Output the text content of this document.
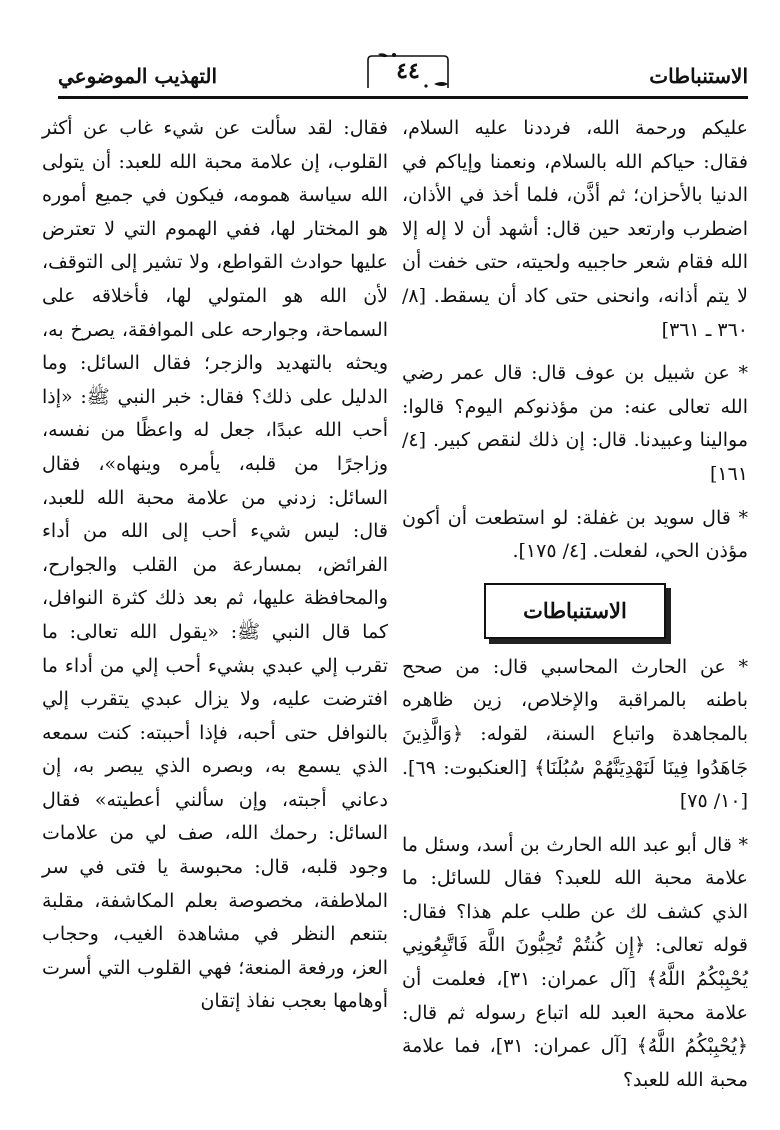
الاستنباطات
٤٤
التهذيب الموضوعي

عليكم ورحمة الله، فرددنا عليه السلام، فقال: حياكم الله بالسلام، ونعمنا وإياكم في الدنيا بالأحزان؛ ثم أذَّن، فلما أخذ في الأذان، اضطرب وارتعد حين قال: أشهد أن لا إله إلا الله فقام شعر حاجبيه ولحيته، حتى خفت أن لا يتم أذانه، وانحنى حتى كاد أن يسقط. [٨/ ٣٦٠ ـ ٣٦١]

* عن شبيل بن عوف قال: قال عمر رضي الله تعالى عنه: من مؤذنوكم اليوم؟ قالوا: موالينا وعبيدنا. قال: إن ذلك لنقص كبير. [٤/ ١٦١]

* قال سويد بن غفلة: لو استطعت أن أكون مؤذن الحي، لفعلت. [٤/ ١٧٥].

الاستنباطات

* عن الحارث المحاسبي قال: من صحح باطنه بالمراقبة والإخلاص، زين ظاهره بالمجاهدة واتباع السنة، لقوله: ﴿وَالَّذِينَ جَاهَدُوا فِينَا لَنَهْدِيَنَّهُمْ سُبُلَنَا﴾ [العنكبوت: ٦٩]. [١٠/ ٧٥]

* قال أبو عبد الله الحارث بن أسد، وسئل ما علامة محبة الله للعبد؟ فقال للسائل: ما الذي كشف لك عن طلب علم هذا؟ فقال: قوله تعالى: ﴿إِن كُنتُمْ تُحِبُّونَ اللَّهَ فَاتَّبِعُونِي يُحْبِبْكُمُ اللَّهُ﴾ [آل عمران: ٣١]، فعلمت أن علامة محبة العبد لله اتباع رسوله ثم قال: ﴿يُحْبِبْكُمُ اللَّهُ﴾ [آل عمران: ٣١]، فما علامة محبة الله للعبد؟

فقال: لقد سألت عن شيء غاب عن أكثر القلوب، إن علامة محبة الله للعبد: أن يتولى الله سياسة همومه، فيكون في جميع أموره هو المختار لها، ففي الهموم التي لا تعترض عليها حوادث القواطع، ولا تشير إلى التوقف، لأن الله هو المتولي لها، فأخلاقه على السماحة، وجوارحه على الموافقة، يصرخ به، ويحثه بالتهديد والزجر؛ فقال السائل: وما الدليل على ذلك؟ فقال: خبر النبي ﷺ: «إذا أحب الله عبدًا، جعل له واعظًا من نفسه، وزاجرًا من قلبه، يأمره وينهاه»، فقال السائل: زدني من علامة محبة الله للعبد، قال: ليس شيء أحب إلى الله من أداء الفرائض، بمسارعة من القلب والجوارح، والمحافظة عليها، ثم بعد ذلك كثرة النوافل، كما قال النبي ﷺ: «يقول الله تعالى: ما تقرب إلي عبدي بشيء أحب إلي من أداء ما افترضت عليه، ولا يزال عبدي يتقرب إلي بالنوافل حتى أحبه، فإذا أحببته: كنت سمعه الذي يسمع به، وبصره الذي يبصر به، إن دعاني أجبته، وإن سألني أعطيته» فقال السائل: رحمك الله، صف لي من علامات وجود قلبه، قال: محبوسة يا فتى في سر الملاطفة، مخصوصة بعلم المكاشفة، مقلبة بتنعم النظر في مشاهدة الغيب، وحجاب العز، ورفعة المنعة؛ فهي القلوب التي أسرت أوهامها بعجب نفاذ إتقان
